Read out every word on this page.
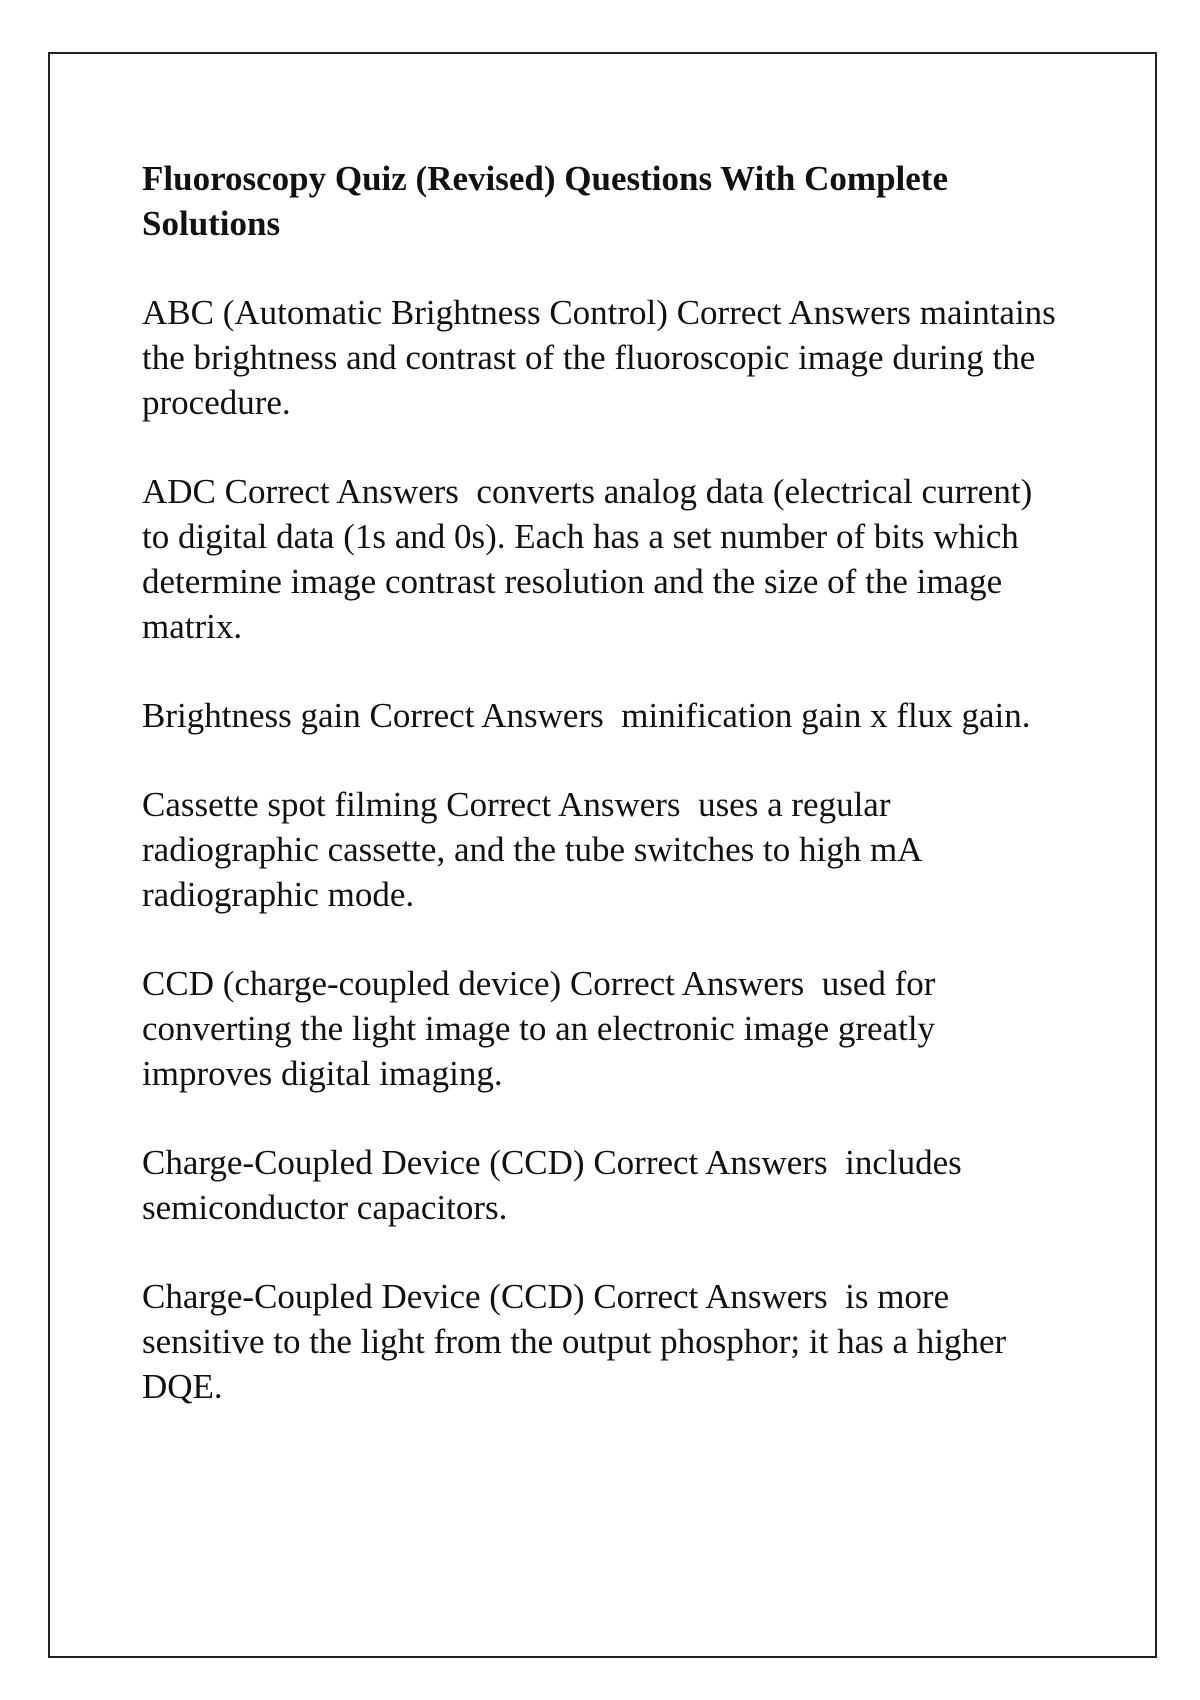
Fluoroscopy Quiz (Revised) Questions With Complete Solutions

ABC (Automatic Brightness Control) Correct Answers maintains the brightness and contrast of the fluoroscopic image during the procedure.

ADC Correct Answers  converts analog data (electrical current) to digital data (1s and 0s). Each has a set number of bits which determine image contrast resolution and the size of the image matrix.

Brightness gain Correct Answers  minification gain x flux gain.

Cassette spot filming Correct Answers  uses a regular radiographic cassette, and the tube switches to high mA radiographic mode.

CCD (charge-coupled device) Correct Answers  used for converting the light image to an electronic image greatly improves digital imaging.

Charge-Coupled Device (CCD) Correct Answers  includes semiconductor capacitors.

Charge-Coupled Device (CCD) Correct Answers  is more sensitive to the light from the output phosphor; it has a higher DQE.
